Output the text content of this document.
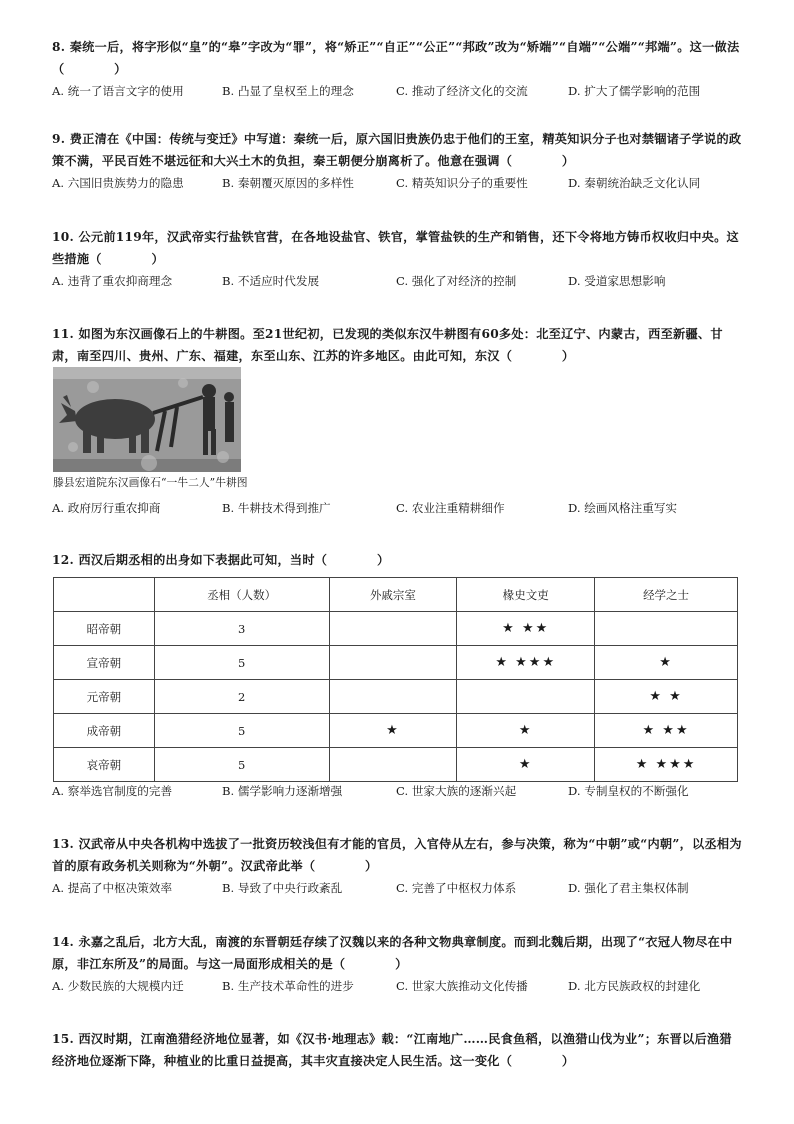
8. 秦统一后，将字形似“皇”的“皋”字改为“罪”，将“矫正”“自正”“公正”“邦政”改为“矫端”“自端”“公端”“邦端”。这一做法（　　　　）

A. 统一了语言文字的使用	B. 凸显了皇权至上的理念	C. 推动了经济文化的交流	D. 扩大了儒学影响的范围

9. 费正清在《中国：传统与变迁》中写道：秦统一后，原六国旧贵族仍忠于他们的王室，精英知识分子也对禁锢诸子学说的政策不满，平民百姓不堪远征和大兴土木的负担，秦王朝便分崩离析了。他意在强调（　　　　）

A. 六国旧贵族势力的隐患	B. 秦朝覆灭原因的多样性	C. 精英知识分子的重要性	D. 秦朝统治缺乏文化认同

10. 公元前119年，汉武帝实行盐铁官营，在各地设盐官、铁官，掌管盐铁的生产和销售，还下令将地方铸币权收归中央。这些措施（　　　　）

A. 违背了重农抑商理念	B. 不适应时代发展	C. 强化了对经济的控制	D. 受道家思想影响

11. 如图为东汉画像石上的牛耕图。至21世纪初，已发现的类似东汉牛耕图有60多处：北至辽宁、内蒙古，西至新疆、甘肃，南至四川、贵州、广东、福建，东至山东、江苏的许多地区。由此可知，东汉（　　　　）

滕县宏道院东汉画像石“一牛二人”牛耕图
A. 政府厉行重农抑商	B. 牛耕技术得到推广	C. 农业注重精耕细作	D. 绘画风格注重写实

12. 西汉后期丞相的出身如下表据此可知，当时（　　　　）

	丞相（人数）	外戚宗室	椽史文吏	经学之士
昭帝朝	3		★ ★★	
宣帝朝	5		★ ★★★	★
元帝朝	2			★ ★
成帝朝	5	★	★	★ ★★
哀帝朝	5		★	★ ★★★
A. 察举选官制度的完善	B. 儒学影响力逐渐增强	C. 世家大族的逐渐兴起	D. 专制皇权的不断强化

13. 汉武帝从中央各机构中选拔了一批资历较浅但有才能的官员，入官侍从左右，参与决策，称为“中朝”或“内朝”，以丞相为首的原有政务机关则称为“外朝”。汉武帝此举（　　　　）

A. 提高了中枢决策效率	B. 导致了中央行政紊乱	C. 完善了中枢权力体系	D. 强化了君主集权体制

14. 永嘉之乱后，北方大乱，南渡的东晋朝廷存续了汉魏以来的各种文物典章制度。而到北魏后期，出现了“衣冠人物尽在中原，非江东所及”的局面。与这一局面形成相关的是（　　　　）

A. 少数民族的大规模内迁	B. 生产技术革命性的进步	C. 世家大族推动文化传播	D. 北方民族政权的封建化

15. 西汉时期，江南渔猎经济地位显著，如《汉书·地理志》载：“江南地广……民食鱼稻，以渔猎山伐为业”；东晋以后渔猎经济地位逐渐下降，种植业的比重日益提高，其丰灾直接决定人民生活。这一变化（　　　　）
